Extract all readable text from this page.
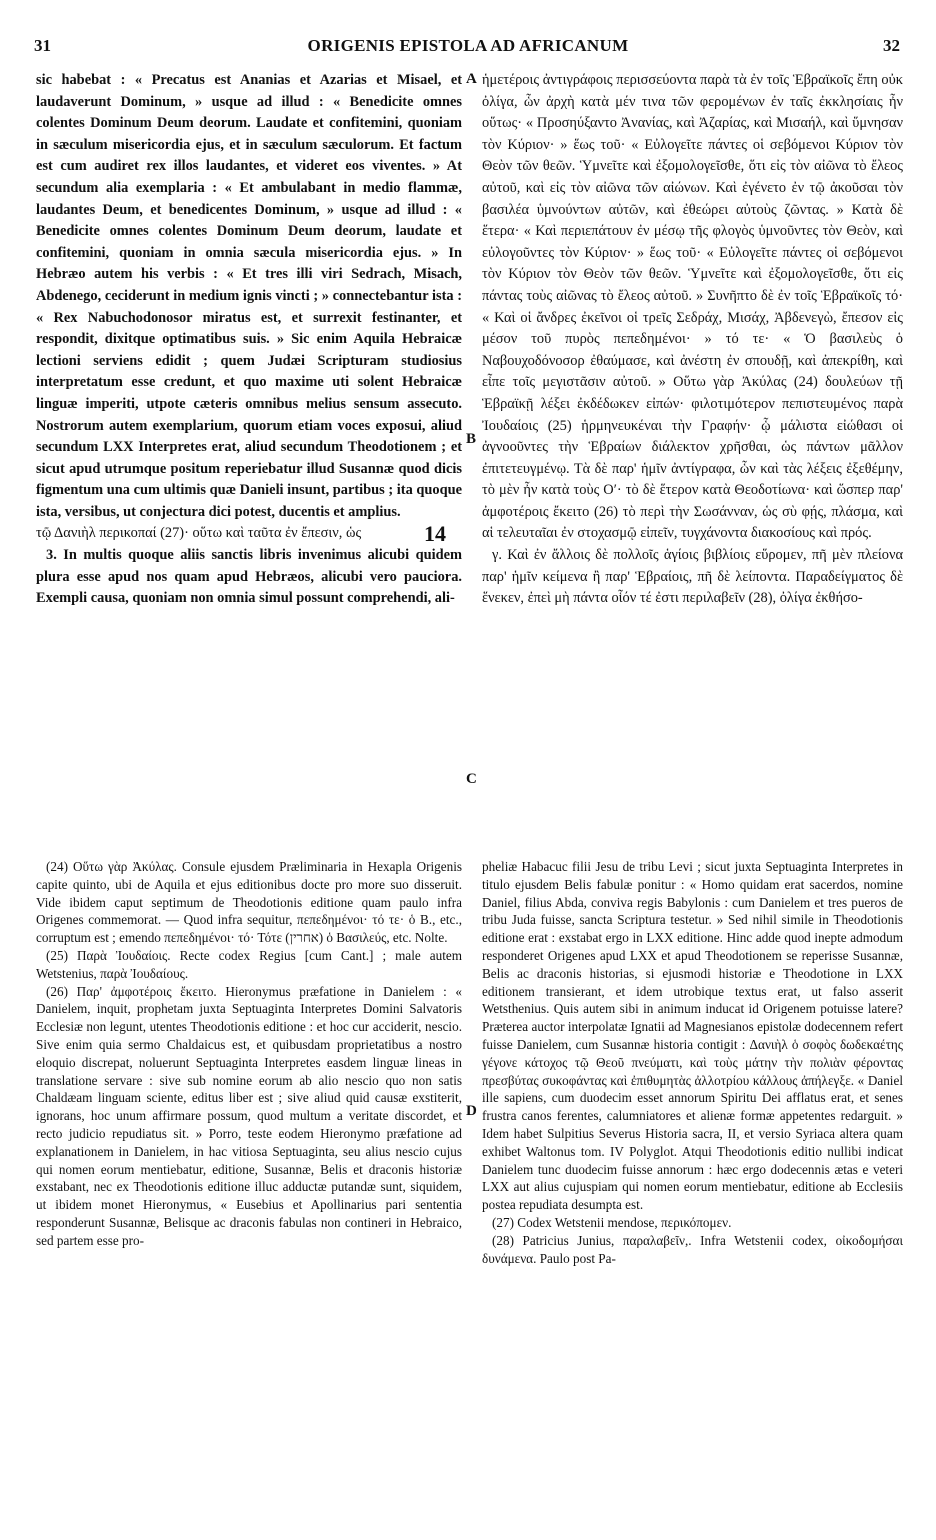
31	ORIGENIS EPISTOLA AD AFRICANUM	32

sic habebat : « Precatus est Ananias et Azarias et Misael, et laudaverunt Dominum, » usque ad illud : « Benedicite omnes colentes Dominum Deum deorum. Laudate et confitemini, quoniam in sæculum misericordia ejus, et in sæculum sæculorum. Et factum est cum audiret rex illos laudantes, et videret eos viventes. » At secundum alia exemplaria : « Et ambulabant in medio flammæ, laudantes Deum, et benedicentes Dominum, » usque ad illud : « Benedicite omnes colentes Dominum Deum deorum, laudate et confitemini, quoniam in omnia sæcula misericordia ejus. » In Hebræo autem his verbis : « Et tres illi viri Sedrach, Misach, Abdenego, ceciderunt in medium ignis vincti ; » connectebantur ista : « Rex Nabuchodonosor miratus est, et surrexit festinanter, et respondit, dixitque optimatibus suis. » Sic enim Aquila Hebraicæ lectioni serviens edidit ; quem Judæi Scripturam studiosius interpretatum esse credunt, et quo maxime uti solent Hebraicæ linguæ imperiti, utpote cæteris omnibus melius sensum assecuto. Nostrorum autem exemplarium, quorum etiam voces exposui, aliud secundum LXX Interpretes erat, aliud secundum Theodotionem ; et sicut apud utrumque positum reperiebatur illud Susannæ quod dicis figmentum una cum ultimis quæ Danieli insunt, partibus ; ita quoque ista, versibus, ut conjectura dici potest, ducentis et amplius.

τῷ Δανιὴλ περικοπαί (27)· οὕτω καὶ ταῦτα ἐν ἔπεσιν, ὡς

3. In multis quoque aliis sanctis libris invenimus alicubi quidem plura esse apud nos quam apud Hebræos, alicubi vero pauciora. Exempli causa, quoniam non omnia simul possunt comprehendi, ali-

ἡμετέροις ἀντιγράφοις περισσεύοντα παρὰ τὰ ἐν τοῖς Ἑβραϊκοῖς ἔπη οὐκ ὀλίγα, ὧν ἀρχὴ κατὰ μέν τινα τῶν φερομένων ἐν ταῖς ἐκκλησίαις ἦν οὕτως· « Προσηύξαντο Ἀνανίας, καὶ Ἀζαρίας, καὶ Μισαήλ, καὶ ὕμνησαν τὸν Κύριον· » ἕως τοῦ· « Εὐλογεῖτε πάντες οἱ σεβόμενοι Κύριον τὸν Θεὸν τῶν θεῶν. Ὑμνεῖτε καὶ ἐξομολογεῖσθε, ὅτι εἰς τὸν αἰῶνα τὸ ἔλεος αὐτοῦ, καὶ εἰς τὸν αἰῶνα τῶν αἰώνων. Καὶ ἐγένετο ἐν τῷ ἀκοῦσαι τὸν βασιλέα ὑμνούντων αὐτῶν, καὶ ἐθεώρει αὐτοὺς ζῶντας. » Κατὰ δὲ ἕτερα· « Καὶ περιεπάτουν ἐν μέσῳ τῆς φλογὸς ὑμνοῦντες τὸν Θεὸν, καὶ εὐλογοῦντες τὸν Κύριον· » ἕως τοῦ· « Εὐλογεῖτε πάντες οἱ σεβόμενοι τὸν Κύριον τὸν Θεὸν τῶν θεῶν. Ὑμνεῖτε καὶ ἐξομολογεῖσθε, ὅτι εἰς πάντας τοὺς αἰῶνας τὸ ἔλεος αὐτοῦ. » Συνῆπτο δὲ ἐν τοῖς Ἑβραϊκοῖς τό· « Καὶ οἱ ἄνδρες ἐκεῖνοι οἱ τρεῖς Σεδράχ, Μισάχ, Ἀβδενεγὼ, ἔπεσον εἰς μέσον τοῦ πυρὸς πεπεδημένοι· » τό τε· « Ὁ βασιλεὺς ὁ Ναβουχοδόνοσορ ἐθαύμασε, καὶ ἀνέστη ἐν σπουδῇ, καὶ ἀπεκρίθη, καὶ εἶπε τοῖς μεγιστᾶσιν αὐτοῦ. » Οὕτω γὰρ Ἀκύλας (24) δουλεύων τῇ Ἑβραϊκῇ λέξει ἐκδέδωκεν εἰπών· φιλοτιμότερον πεπιστευμένος παρὰ Ἰουδαίοις (25) ἡρμηνευκέναι τὴν Γραφήν· ᾧ μάλιστα εἰώθασι οἱ ἀγνοοῦντες τὴν Ἑβραίων διάλεκτον χρῆσθαι, ὡς πάντων μᾶλλον ἐπιτετευγμένῳ. Τὰ δὲ παρ' ἡμῖν ἀντίγραφα, ὧν καὶ τὰς λέξεις ἐξεθέμην, τὸ μὲν ἦν κατὰ τοὺς Οʹ· τὸ δὲ ἕτερον κατὰ Θεοδοτίωνα· καὶ ὥσπερ παρ' ἀμφοτέροις ἔκειτο (26) τὸ περὶ τὴν Σωσάνναν, ὡς σὺ φῄς, πλάσμα, καὶ αἱ τελευταῖαι ἐν στοχασμῷ εἰπεῖν, τυγχάνοντα διακοσίους καὶ πρός.

γ. Καὶ ἐν ἄλλοις δὲ πολλοῖς ἁγίοις βιβλίοις εὕρομεν, πῆ μὲν πλείονα παρ' ἡμῖν κείμενα ἢ παρ' Ἑβραίοις, πῆ δὲ λείποντα. Παραδείγματος δὲ ἕνεκεν, ἐπεὶ μὴ πάντα οἷόν τέ ἐστι περιλαβεῖν (28), ὀλίγα ἐκθήσο-

A
B
C
D
14

(24) Οὕτω γὰρ Ἀκύλας. Consule ejusdem Præliminaria in Hexapla Origenis capite quinto, ubi de Aquila et ejus editionibus docte pro more suo disseruit. Vide ibidem caput septimum de Theodotionis editione quam paulo infra Origenes commemorat. — Quod infra sequitur, πεπεδημένοι· τό τε· ὁ Β., etc., corruptum est ; emendo πεπεδημένοι· τό· Τότε (אחרין) ὁ Βασιλεύς, etc. Nolte.

(25) Παρὰ Ἰουδαίοις. Recte codex Regius [cum Cant.] ; male autem Wetstenius, παρὰ Ἰουδαίους.

(26) Παρ' ἀμφοτέροις ἔκειτο. Hieronymus præfatione in Danielem : « Danielem, inquit, prophetam juxta Septuaginta Interpretes Domini Salvatoris Ecclesiæ non legunt, utentes Theodotionis editione : et hoc cur acciderit, nescio. Sive enim quia sermo Chaldaicus est, et quibusdam proprietatibus a nostro eloquio discrepat, noluerunt Septuaginta Interpretes easdem linguæ lineas in translatione servare : sive sub nomine eorum ab alio nescio quo non satis Chaldæam linguam sciente, editus liber est ; sive aliud quid causæ exstiterit, ignorans, hoc unum affirmare possum, quod multum a veritate discordet, et recto judicio repudiatus sit. » Porro, teste eodem Hieronymo præfatione ad explanationem in Danielem, in hac vitiosa Septuaginta, seu alius nescio cujus qui nomen eorum mentiebatur, editione, Susannæ, Belis et draconis historiæ exstabant, nec ex Theodotionis editione illuc adductæ putandæ sunt, siquidem, ut ibidem monet Hieronymus, « Eusebius et Apollinarius pari sententia responderunt Susannæ, Belisque ac draconis fabulas non contineri in Hebraico, sed partem esse pro-

pheliæ Habacuc filii Jesu de tribu Levi ; sicut juxta Septuaginta Interpretes in titulo ejusdem Belis fabulæ ponitur : « Homo quidam erat sacerdos, nomine Daniel, filius Abda, conviva regis Babylonis : cum Danielem et tres pueros de tribu Juda fuisse, sancta Scriptura testetur. » Sed nihil simile in Theodotionis editione erat : exstabat ergo in LXX editione. Hinc adde quod inepte admodum responderet Origenes apud LXX et apud Theodotionem se reperisse Susannæ, Belis ac draconis historias, si ejusmodi historiæ e Theodotione in LXX editionem transierant, et idem utrobique textus erat, ut falso asserit Wetsthenius. Quis autem sibi in animum inducat id Origenem potuisse latere? Præterea auctor interpolatæ Ignatii ad Magnesianos epistolæ dodecennem refert fuisse Danielem, cum Susannæ historia contigit : Δανιὴλ ὁ σοφὸς δωδεκαέτης γέγονε κάτοχος τῷ Θεοῦ πνεύματι, καὶ τοὺς μάτην τὴν πολιὰν φέροντας πρεσβύτας συκοφάντας καὶ ἐπιθυμητὰς ἀλλοτρίου κάλλους ἀπήλεγξε. « Daniel ille sapiens, cum duodecim esset annorum Spiritu Dei afflatus erat, et senes frustra canos ferentes, calumniatores et alienæ formæ appetentes redarguit. » Idem habet Sulpitius Severus Historia sacra, II, et versio Syriaca altera quam exhibet Waltonus tom. IV Polyglot. Atqui Theodotionis editio nullibi indicat Danielem tunc duodecim fuisse annorum : hæc ergo dodecennis ætas e veteri LXX aut alius cujuspiam qui nomen eorum mentiebatur, editione ab Ecclesiis postea repudiata desumpta est.

(27) Codex Wetstenii mendose, περικόπομεν.

(28) Patricius Junius, παραλαβεῖν,. Infra Wetstenii codex, οἰκοδομήσαι δυνάμενα. Paulo post Pa-
